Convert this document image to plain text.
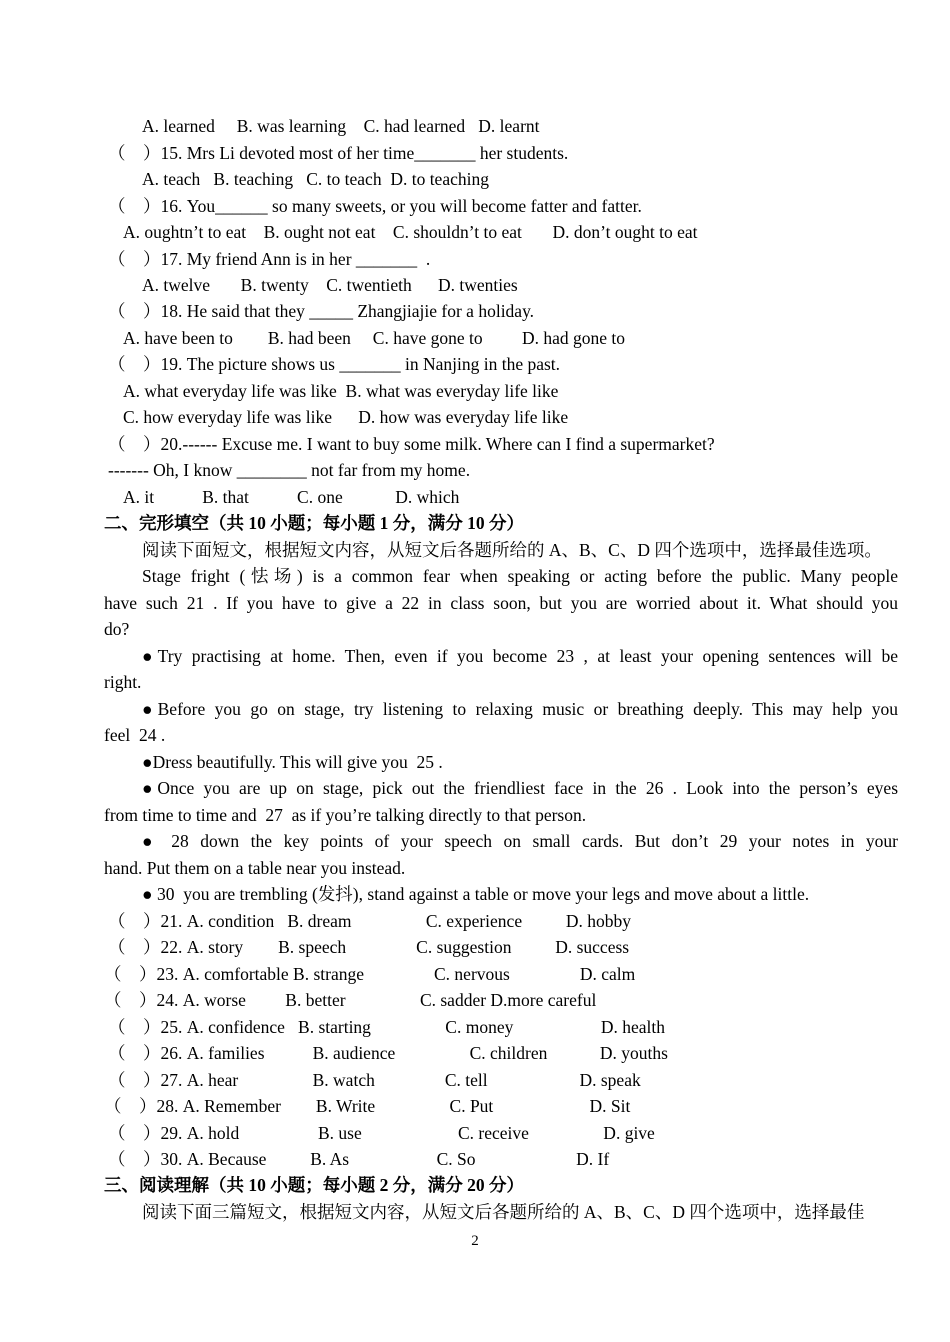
A. learned     B. was learning    C. had learned   D. learnt
（    ）15. Mrs Li devoted most of her time_______ her students.
A. teach   B. teaching   C. to teach  D. to teaching
（    ）16. You______ so many sweets, or you will become fatter and fatter.
A. oughtn’t to eat    B. ought not eat    C. shouldn’t to eat       D. don’t ought to eat
（    ）17. My friend Ann is in her _______  .
A. twelve       B. twenty    C. twentieth      D. twenties
（    ）18. He said that they _____ Zhangjiajie for a holiday.
A. have been to        B. had been     C. have gone to         D. had gone to
（    ）19. The picture shows us _______ in Nanjing in the past.
A. what everyday life was like  B. what was everyday life like
C. how everyday life was like      D. how was everyday life like
（    ）20.------ Excuse me. I want to buy some milk. Where can I find a supermarket?
------- Oh, I know ________ not far from my home.
A. it           B. that           C. one            D. which
二、完形填空（共 10 小题；每小题 1 分，满分 10 分）
阅读下面短文，根据短文内容，从短文后各题所给的 A、B、C、D 四个选项中，选择最佳选项。
Stage fright (怯场) is a common fear when speaking or acting before the public. Many people
have such 21 . If you have to give a 22 in class soon, but you are worried about it. What should you
do?
●Try practising at home. Then, even if you become 23 , at least your opening sentences will be
right.
●Before you go on stage, try listening to relaxing music or breathing deeply. This may help you
feel  24 .
●Dress beautifully. This will give you  25 .
●Once you are up on stage, pick out the friendliest face in the 26 . Look into the person’s eyes
from time to time and  27  as if you’re talking directly to that person.
● 28 down the key points of your speech on small cards. But don’t 29 your notes in your
hand. Put them on a table near you instead.
● 30  you are trembling (发抖), stand against a table or move your legs and move about a little.
（    ）21. A. condition   B. dream                 C. experience          D. hobby
（    ）22. A. story        B. speech                C. suggestion          D. success
（    ）23. A. comfortable B. strange                C. nervous                D. calm
（    ）24. A. worse         B. better                 C. sadder D.more careful
（    ）25. A. confidence   B. starting                 C. money                    D. health
（    ）26. A. families           B. audience                 C. children            D. youths
（    ）27. A. hear                 B. watch                C. tell                     D. speak
（    ）28. A. Remember        B. Write                 C. Put                      D. Sit
（    ）29. A. hold                  B. use                      C. receive                 D. give
（    ）30. A. Because          B. As                    C. So                       D. If
三、阅读理解（共 10 小题；每小题 2 分，满分 20 分）
阅读下面三篇短文，根据短文内容，从短文后各题所给的 A、B、C、D 四个选项中，选择最佳
2
